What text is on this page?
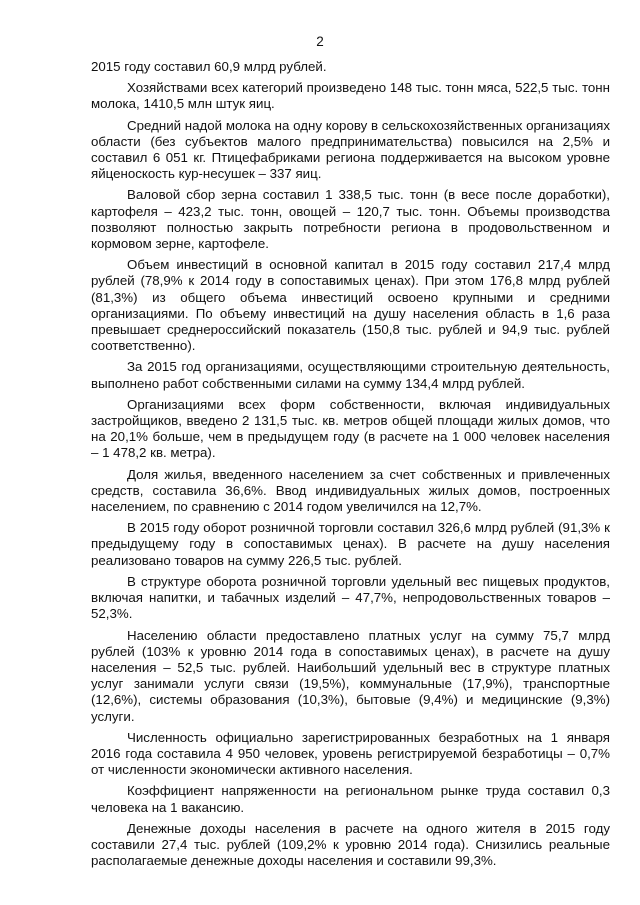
2

2015 году составил 60,9 млрд рублей.

Хозяйствами всех категорий произведено 148 тыс. тонн мяса, 522,5 тыс. тонн молока, 1410,5 млн штук яиц.

Средний надой молока на одну корову в сельскохозяйственных организациях области (без субъектов малого предпринимательства) повысился на 2,5% и составил 6 051 кг. Птицефабриками региона поддерживается на высоком уровне яйценоскость кур-несушек – 337 яиц.

Валовой сбор зерна составил 1 338,5 тыс. тонн (в весе после доработки), картофеля – 423,2 тыс. тонн, овощей – 120,7 тыс. тонн. Объемы производства позволяют полностью закрыть потребности региона в продовольственном и кормовом зерне, картофеле.

Объем инвестиций в основной капитал в 2015 году составил 217,4 млрд рублей (78,9% к 2014 году в сопоставимых ценах). При этом 176,8 млрд рублей (81,3%) из общего объема инвестиций освоено крупными и средними организациями. По объему инвестиций на душу населения область в 1,6 раза превышает среднероссийский показатель (150,8 тыс. рублей и 94,9 тыс. рублей соответственно).

За 2015 год организациями, осуществляющими строительную деятельность, выполнено работ собственными силами на сумму 134,4 млрд рублей.

Организациями всех форм собственности, включая индивидуальных застройщиков, введено 2 131,5 тыс. кв. метров общей площади жилых домов, что на 20,1% больше, чем в предыдущем году (в расчете на 1 000 человек населения – 1 478,2 кв. метра).

Доля жилья, введенного населением за счет собственных и привлеченных средств, составила 36,6%. Ввод индивидуальных жилых домов, построенных населением, по сравнению с 2014 годом увеличился на 12,7%.

В 2015 году оборот розничной торговли составил 326,6 млрд рублей (91,3% к предыдущему году в сопоставимых ценах). В расчете на душу населения реализовано товаров на сумму 226,5 тыс. рублей.

В структуре оборота розничной торговли удельный вес пищевых продуктов, включая напитки, и табачных изделий – 47,7%, непродовольственных товаров – 52,3%.

Населению области предоставлено платных услуг на сумму 75,7 млрд рублей (103% к уровню 2014 года в сопоставимых ценах), в расчете на душу населения – 52,5 тыс. рублей. Наибольший удельный вес в структуре платных услуг занимали услуги связи (19,5%), коммунальные (17,9%), транспортные (12,6%), системы образования (10,3%), бытовые (9,4%) и медицинские (9,3%) услуги.

Численность официально зарегистрированных безработных на 1 января 2016 года составила 4 950 человек, уровень регистрируемой безработицы – 0,7% от численности экономически активного населения.

Коэффициент напряженности на региональном рынке труда составил 0,3 человека на 1 вакансию.

Денежные доходы населения в расчете на одного жителя в 2015 году составили 27,4 тыс. рублей (109,2% к уровню 2014 года). Снизились реальные располагаемые денежные доходы населения и составили 99,3%.
